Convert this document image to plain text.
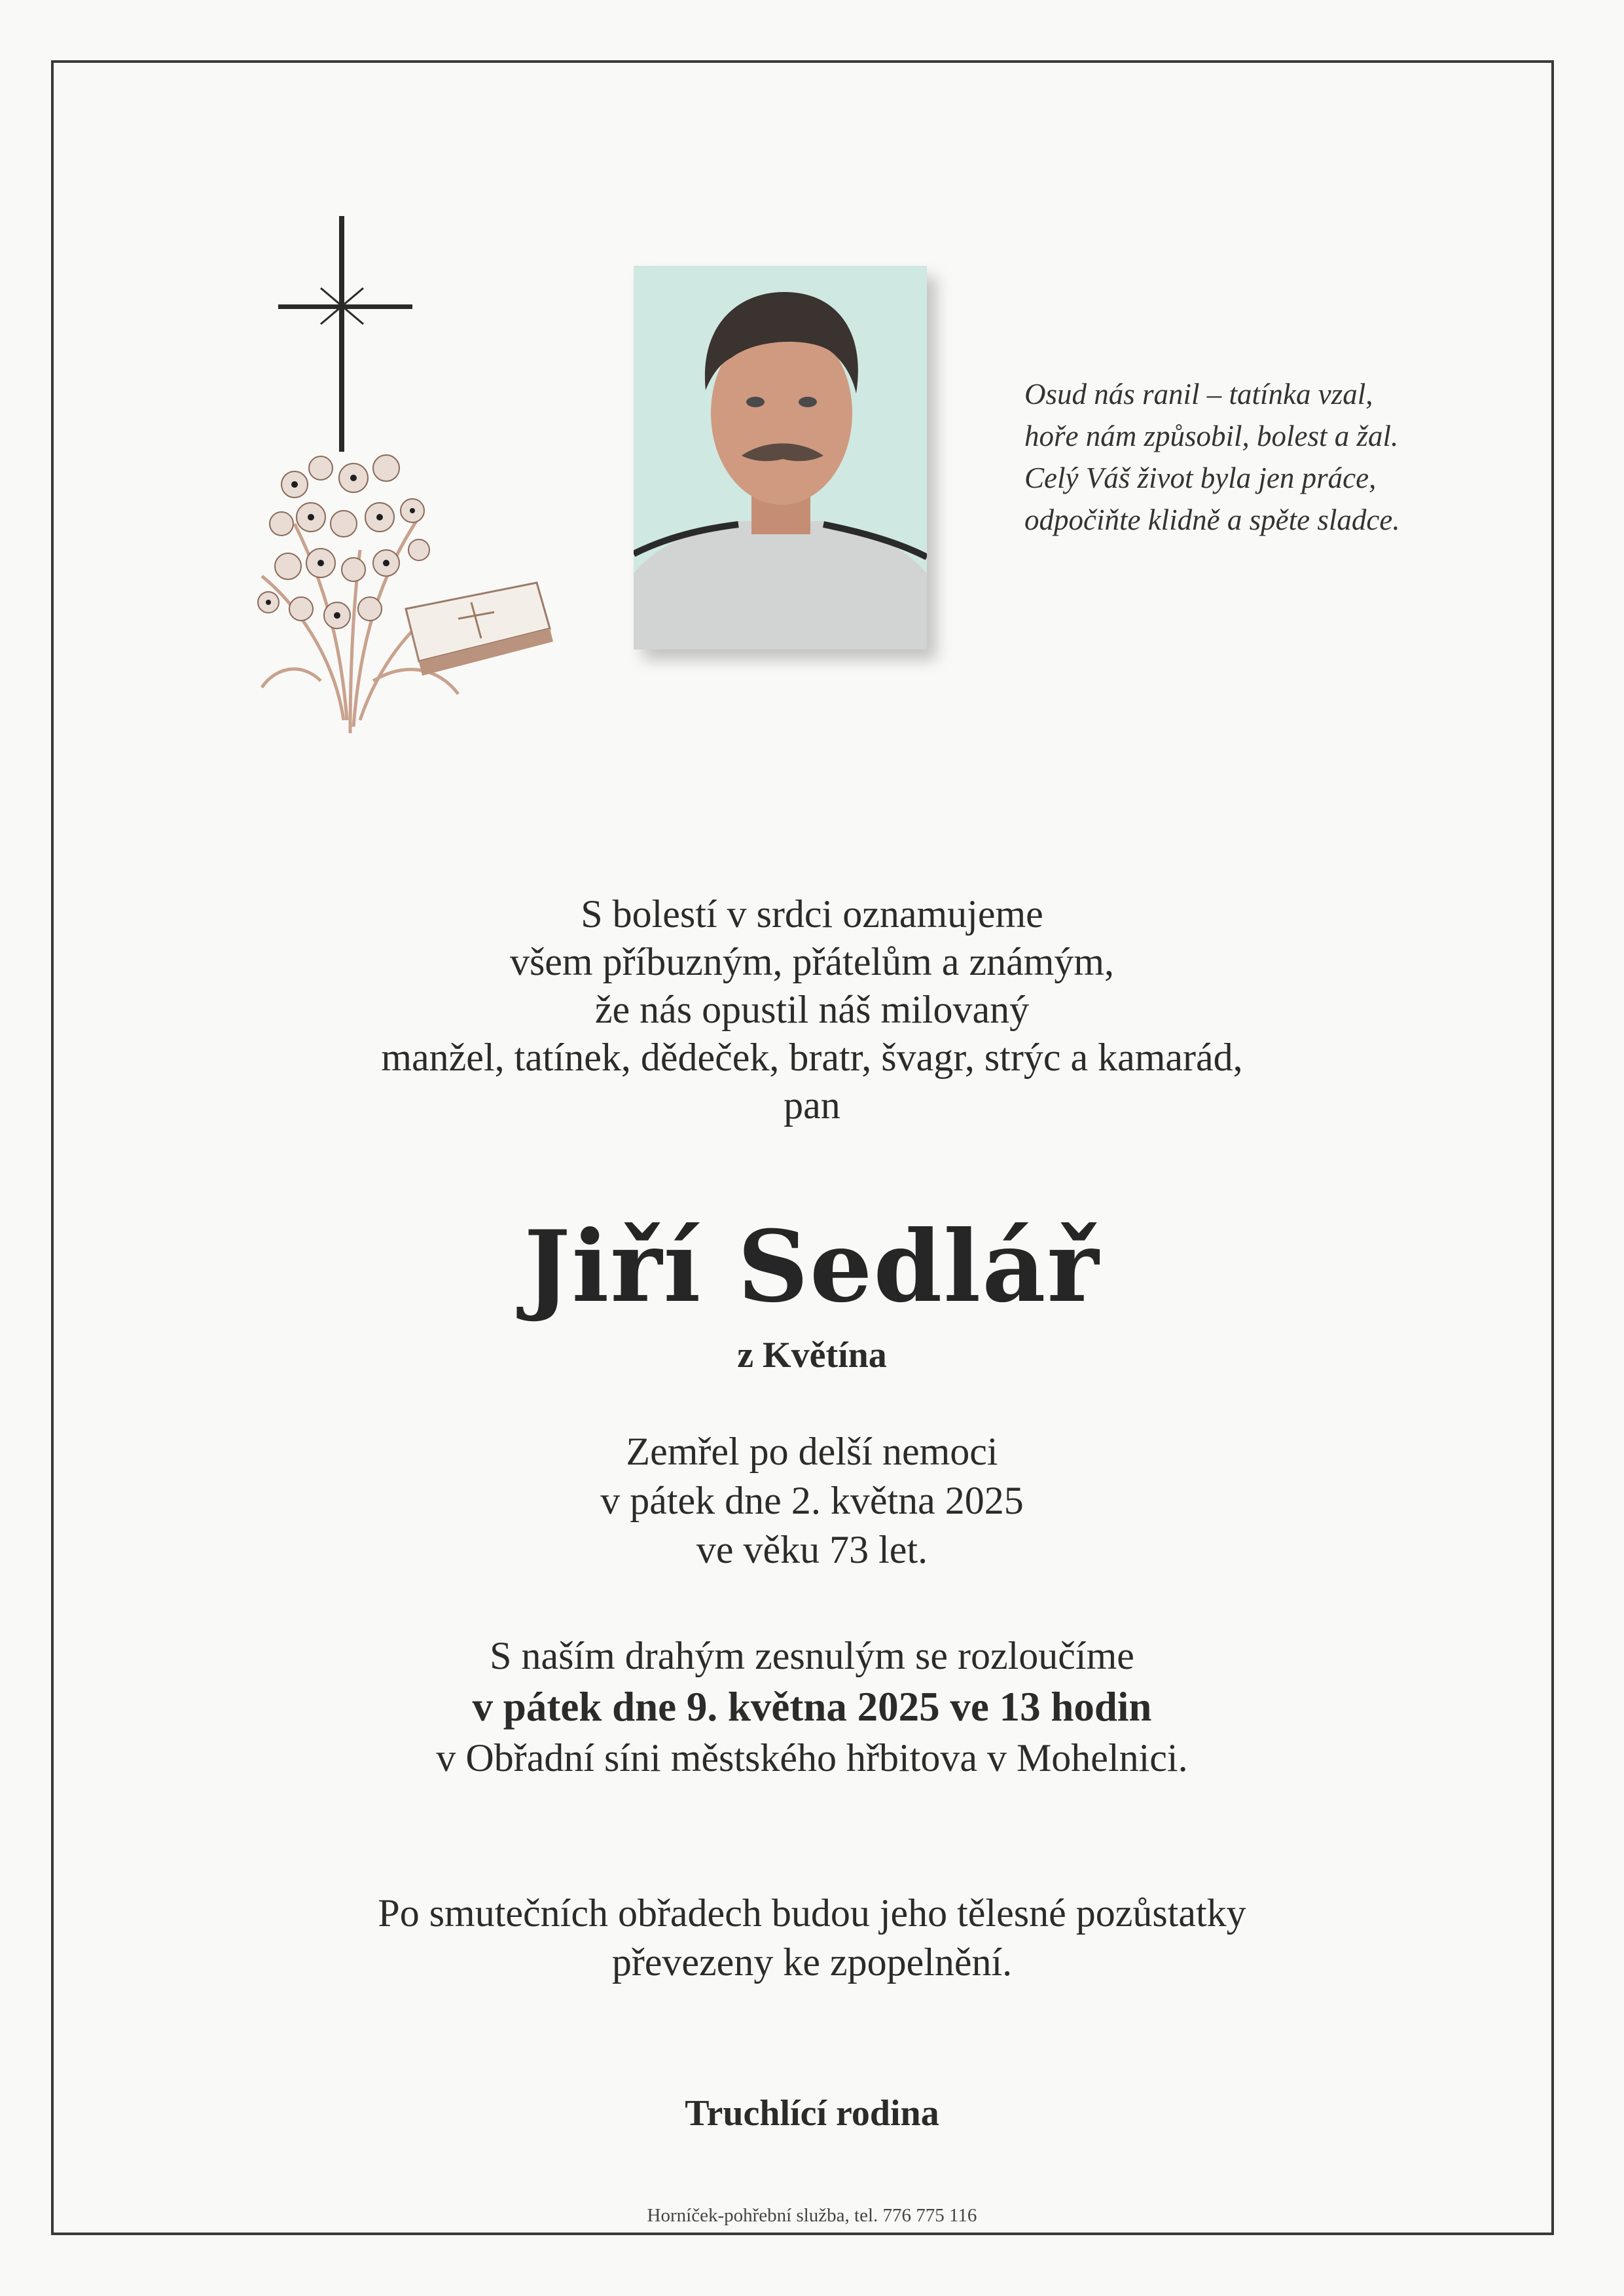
Osud nás ranil – tatínka vzal,
hoře nám způsobil, bolest a žal.
Celý Váš život byla jen práce,
odpočiňte klidně a spěte sladce.
S bolestí v srdci oznamujeme
všem příbuzným, přátelům a známým,
že nás opustil náš milovaný
manžel, tatínek, dědeček, bratr, švagr, strýc a kamarád,
pan
Jiří Sedlář
z Květína
Zemřel po delší nemoci
v pátek dne 2. května 2025
ve věku 73 let.
S naším drahým zesnulým se rozloučíme
v pátek dne 9. května 2025 ve 13 hodin
v Obřadní síni městského hřbitova v Mohelnici.
Po smutečních obřadech budou jeho tělesné pozůstatky
převezeny ke zpopelnění.
Truchlící rodina
Horníček-pohřební služba, tel. 776 775 116
